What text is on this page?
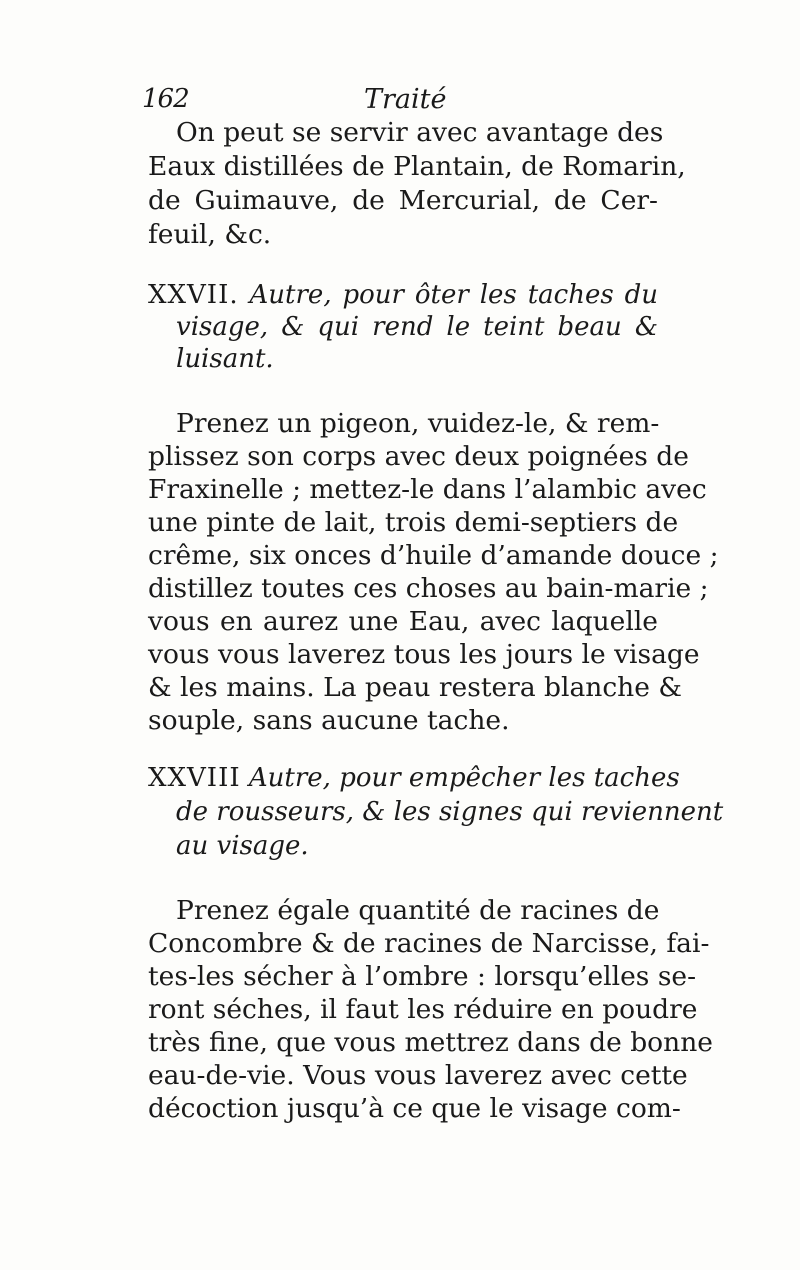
162	Traité
On peut se servir avec avantage des
Eaux distillées de Plantain, de Romarin,
de Guimauve, de Mercurial, de Cer-
feuil, &c.
XXVII. Autre, pour ôter les taches du
visage, & qui rend le teint beau &
luisant.
Prenez un pigeon, vuidez-le, & rem-
plissez son corps avec deux poignées de
Fraxinelle ; mettez-le dans l’alambic avec
une pinte de lait, trois demi-septiers de
crême, six onces d’huile d’amande douce ;
distillez toutes ces choses au bain-marie ;
vous en aurez une Eau, avec laquelle
vous vous laverez tous les jours le visage
& les mains. La peau restera blanche &
souple, sans aucune tache.
XXVIII Autre, pour empêcher les taches
de rousseurs, & les signes qui reviennent
au visage.
Prenez égale quantité de racines de
Concombre & de racines de Narcisse, fai-
tes-les sécher à l’ombre : lorsqu’elles se-
ront séches, il faut les réduire en poudre
très fine, que vous mettrez dans de bonne
eau-de-vie. Vous vous laverez avec cette
décoction jusqu’à ce que le visage com-
